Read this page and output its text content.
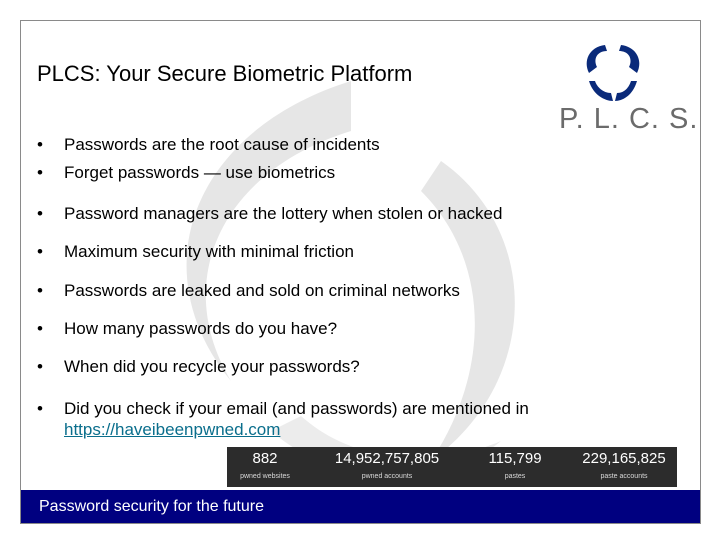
PLCS: Your Secure Biometric Platform
P. L. C. S.
• Passwords are the root cause of incidents
• Forget passwords — use biometrics
• Password managers are the lottery when stolen or hacked
• Maximum security with minimal friction
• Passwords are leaked and sold on criminal networks
• How many passwords do you have?
• When did you recycle your passwords?
• Did you check if your email (and passwords) are mentioned in
https://haveibeenpwned.com
882
pwned websites
14,952,757,805
pwned accounts
115,799
pastes
229,165,825
paste accounts
Password security for the future
